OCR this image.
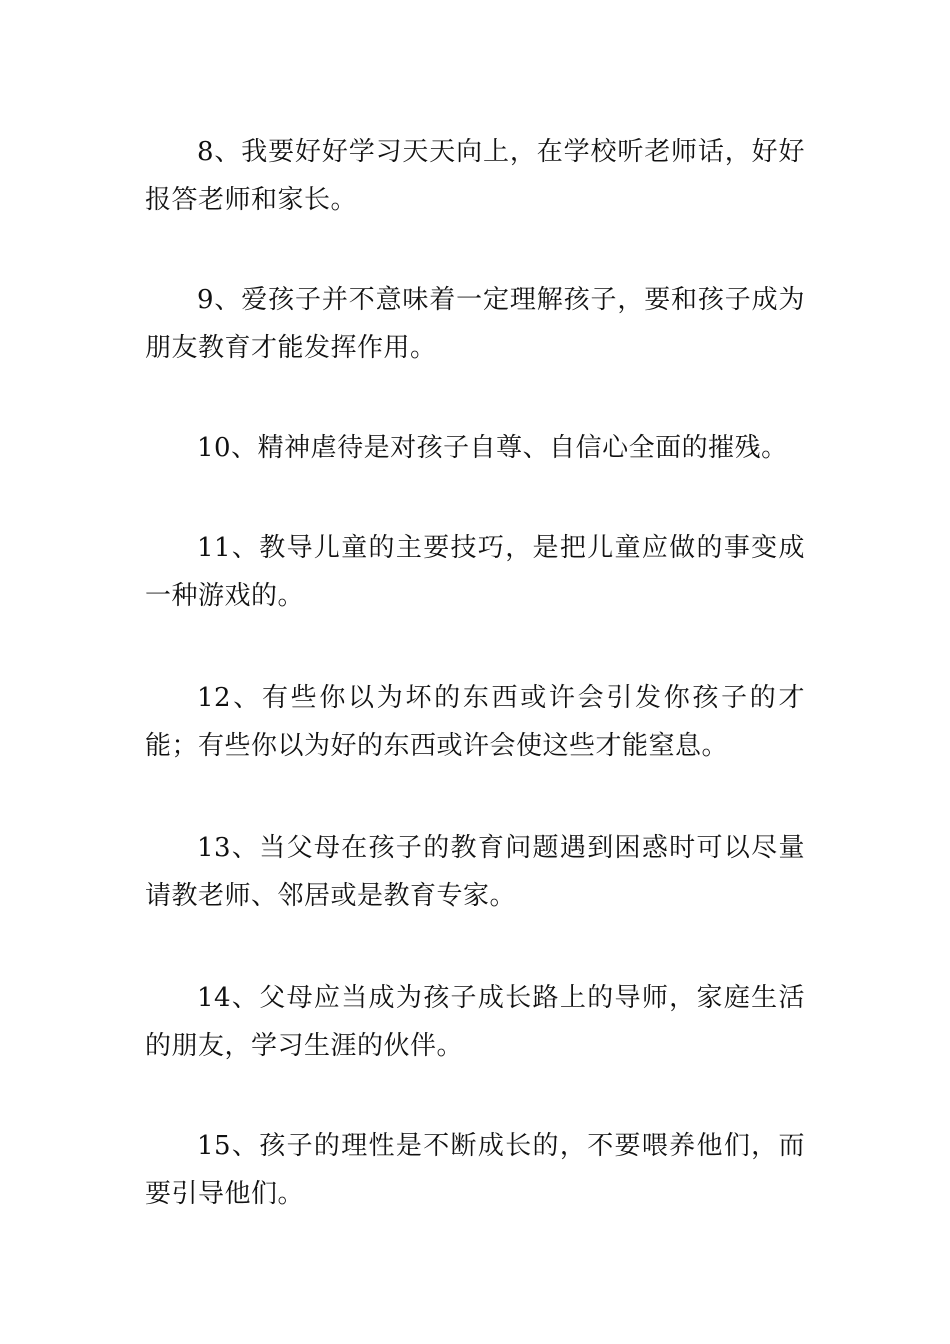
8、我要好好学习天天向上，在学校听老师话，好好报答老师和家长。

9、爱孩子并不意味着一定理解孩子，要和孩子成为朋友教育才能发挥作用。

10、精神虐待是对孩子自尊、自信心全面的摧残。

11、教导儿童的主要技巧，是把儿童应做的事变成一种游戏的。

12、有些你以为坏的东西或许会引发你孩子的才能；有些你以为好的东西或许会使这些才能窒息。

13、当父母在孩子的教育问题遇到困惑时可以尽量请教老师、邻居或是教育专家。

14、父母应当成为孩子成长路上的导师，家庭生活的朋友，学习生涯的伙伴。

15、孩子的理性是不断成长的，不要喂养他们，而要引导他们。
